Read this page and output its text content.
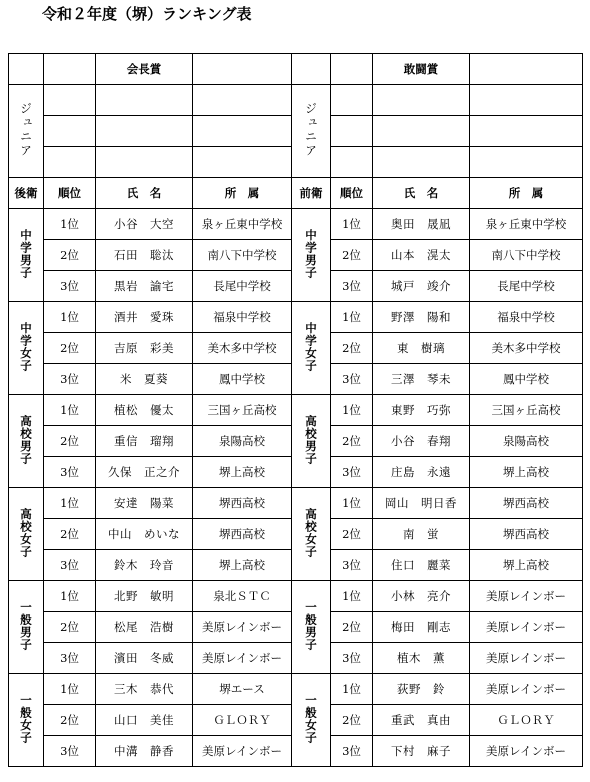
令和２年度（堺）ランキング表
		会長賞				敢闘賞	
ジュニア				ジュニア			

後衛	順位	氏　名	所　属	前衛	順位	氏　名	所　属
中学男子	1位	小谷　大空	泉ヶ丘東中学校	中学男子	1位	奥田　晟凪	泉ヶ丘東中学校
	2位	石田　聡汰	南八下中学校		2位	山本　滉太	南八下中学校
	3位	黒岩　諭宅	長尾中学校		3位	城戸　竣介	長尾中学校
中学女子	1位	酒井　愛珠	福泉中学校	中学女子	1位	野澤　陽和	福泉中学校
	2位	吉原　彩美	美木多中学校		2位	東　樹璃	美木多中学校
	3位	米　夏葵	鳳中学校		3位	三澤　琴未	鳳中学校
高校男子	1位	植松　優太	三国ヶ丘高校	高校男子	1位	東野　巧弥	三国ヶ丘高校
	2位	重信　瑠翔	泉陽高校		2位	小谷　春翔	泉陽高校
	3位	久保　正之介	堺上高校		3位	庄島　永遠	堺上高校
高校女子	1位	安達　陽菜	堺西高校	高校女子	1位	岡山　明日香	堺西高校
	2位	中山　めいな	堺西高校		2位	南　蛍	堺西高校
	3位	鈴木　玲音	堺上高校		3位	住口　麗菜	堺上高校
一般男子	1位	北野　敏明	泉北ＳＴＣ	一般男子	1位	小林　亮介	美原レインボー
	2位	松尾　浩樹	美原レインボー		2位	梅田　剛志	美原レインボー
	3位	濱田　冬威	美原レインボー		3位	植木　薫	美原レインボー
一般女子	1位	三木　恭代	堺エース	一般女子	1位	荻野　鈴	美原レインボー
	2位	山口　美佳	ＧＬＯＲＹ		2位	重武　真由	ＧＬＯＲＹ
	3位	中溝　静香	美原レインボー		3位	下村　麻子	美原レインボー
